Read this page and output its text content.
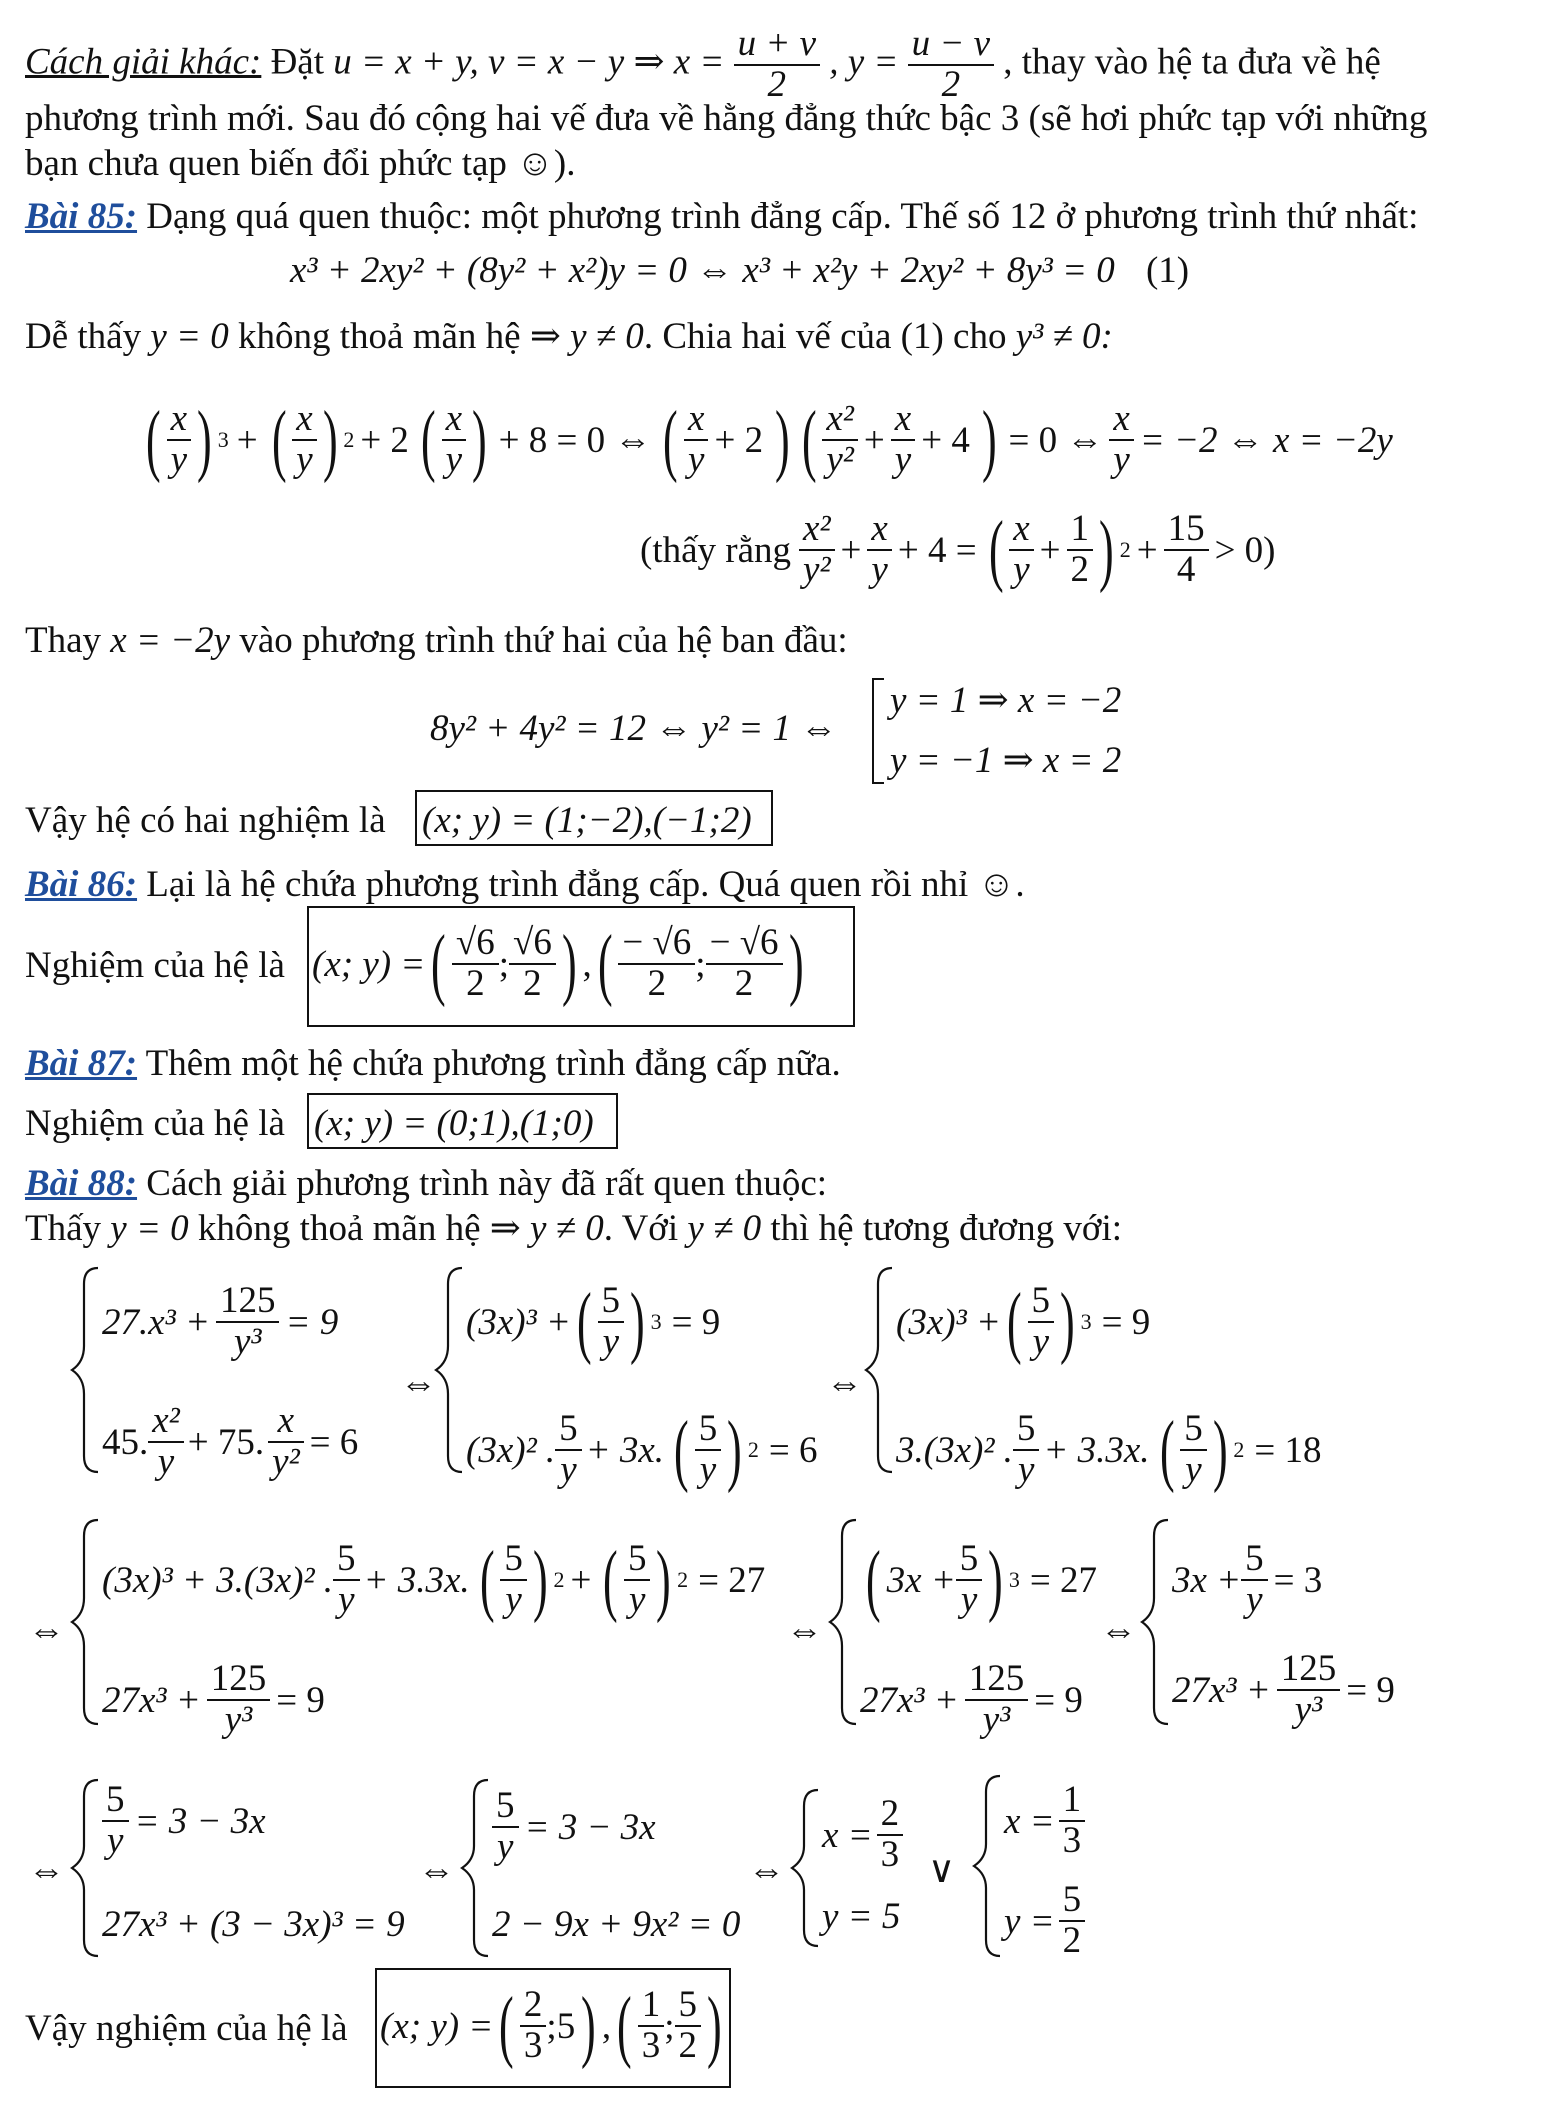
Cách giải khác: Đặt u = x + y, v = x − y ⇒ $x = \frac{u + v}{2}$ , $y = \frac{u - v}{2}$ , thay vào hệ ta đưa về hệ
phương trình mới. Sau đó cộng hai vế đưa về hằng đẳng thức bậc 3 (sẽ hơi phức tạp với những
bạn chưa quen biến đổi phức tạp ☺).
Bài 85: Dạng quá quen thuộc: một phương trình đẳng cấp. Thế số 12 ở phương trình thứ nhất:
x³ + 2xy² + (8y² + x²)y = 0 ⇔ x³ + x²y + 2xy² + 8y³ = 0 (1)
Dễ thấy y = 0 không thoả mãn hệ ⇒ y ≠ 0. Chia hai vế của (1) cho y³ ≠ 0:
( $\frac{x}{y}$ ) 3 + ( $\frac{x}{y}$ ) 2 + 2 ( $\frac{x}{y}$ ) + 8 = 0 ⇔ ( $\frac{x}{y} + 2$ ) ( $\frac{\text{x²}}{\text{y²}} + \frac{x}{y} + 4$ ) = 0 ⇔ $\frac{x}{y} = -2$ ⇔ x = −2y
(thấy rằng $\frac{\text{x²}}{\text{y²}} + \frac{x}{y} + 4$ = ( $\frac{x}{y} + \frac{1}{2}$ ) $2 + \frac{15}{4} > 0$)
Thay x = −2y vào phương trình thứ hai của hệ ban đầu:
8y² + 4y² = 12 ⇔ y² = 1 ⇔
y = 1 ⇒ x = −2
y = −1 ⇒ x = 2
Vậy hệ có hai nghiệm là (x; y) = (1;−2),(−1;2)
Bài 86: Lại là hệ chứa phương trình đẳng cấp. Quá quen rồi nhỉ ☺.
Nghiệm của hệ là (x; y) = ( $\frac{√6}{2}$ ; $\frac{√6}{2}$ ) , ( $\frac{- √6}{2}$ ; $\frac{- √6}{2}$ )
Bài 87: Thêm một hệ chứa phương trình đẳng cấp nữa.
Nghiệm của hệ là (x; y) = (0;1),(1;0)
Bài 88: Cách giải phương trình này đã rất quen thuộc:
Thấy y = 0 không thoả mãn hệ ⇒ y ≠ 0. Với y ≠ 0 thì hệ tương đương với:
$27.x^3 + \frac{125}{\text{y³}} = 9$
45. $\frac{\text{x²}}{y} + 75$. $\frac{x}{\text{y²}} = 6$
⇔
(3x)³ + ( $\frac{5}{y}$ ) 3 = 9
(3x)² . $\frac{5}{y} + 3x$. ( $\frac{5}{y}$ ) 2 = 6
⇔
(3x)³ + ( $\frac{5}{y}$ ) 3 = 9
3.(3x)² . $\frac{5}{y} + 3.3x$. ( $\frac{5}{y}$ ) 2 = 18
⇔
(3x)³ + 3.(3x)² . $\frac{5}{y} + 3.3x$. ( $\frac{5}{y}$ ) 2 + ( $\frac{5}{y}$ ) 2 = 27
$27x^3 + \frac{125}{\text{y³}} = 9$
⇔
( $3x + \frac{5}{y}$ ) 3 = 27
$27x^3 + \frac{125}{\text{y³}} = 9$
⇔
$3x + \frac{5}{y} = 3$
$27x^3 + \frac{125}{\text{y³}} = 9$
⇔
$\frac{5}{y} = 3 - 3x$
27x³ + (3 − 3x)³ = 9
⇔
$\frac{5}{y} = 3 - 3x$
2 − 9x + 9x² = 0
⇔
$x = \frac{2}{3}$
y = 5
∨
$x = \frac{1}{3}$
$y = \frac{5}{2}$
Vậy nghiệm của hệ là (x; y) = ( $\frac{2}{3}$ ;5 ) , ( $\frac{1}{3}$ ; $\frac{5}{2}$ )
